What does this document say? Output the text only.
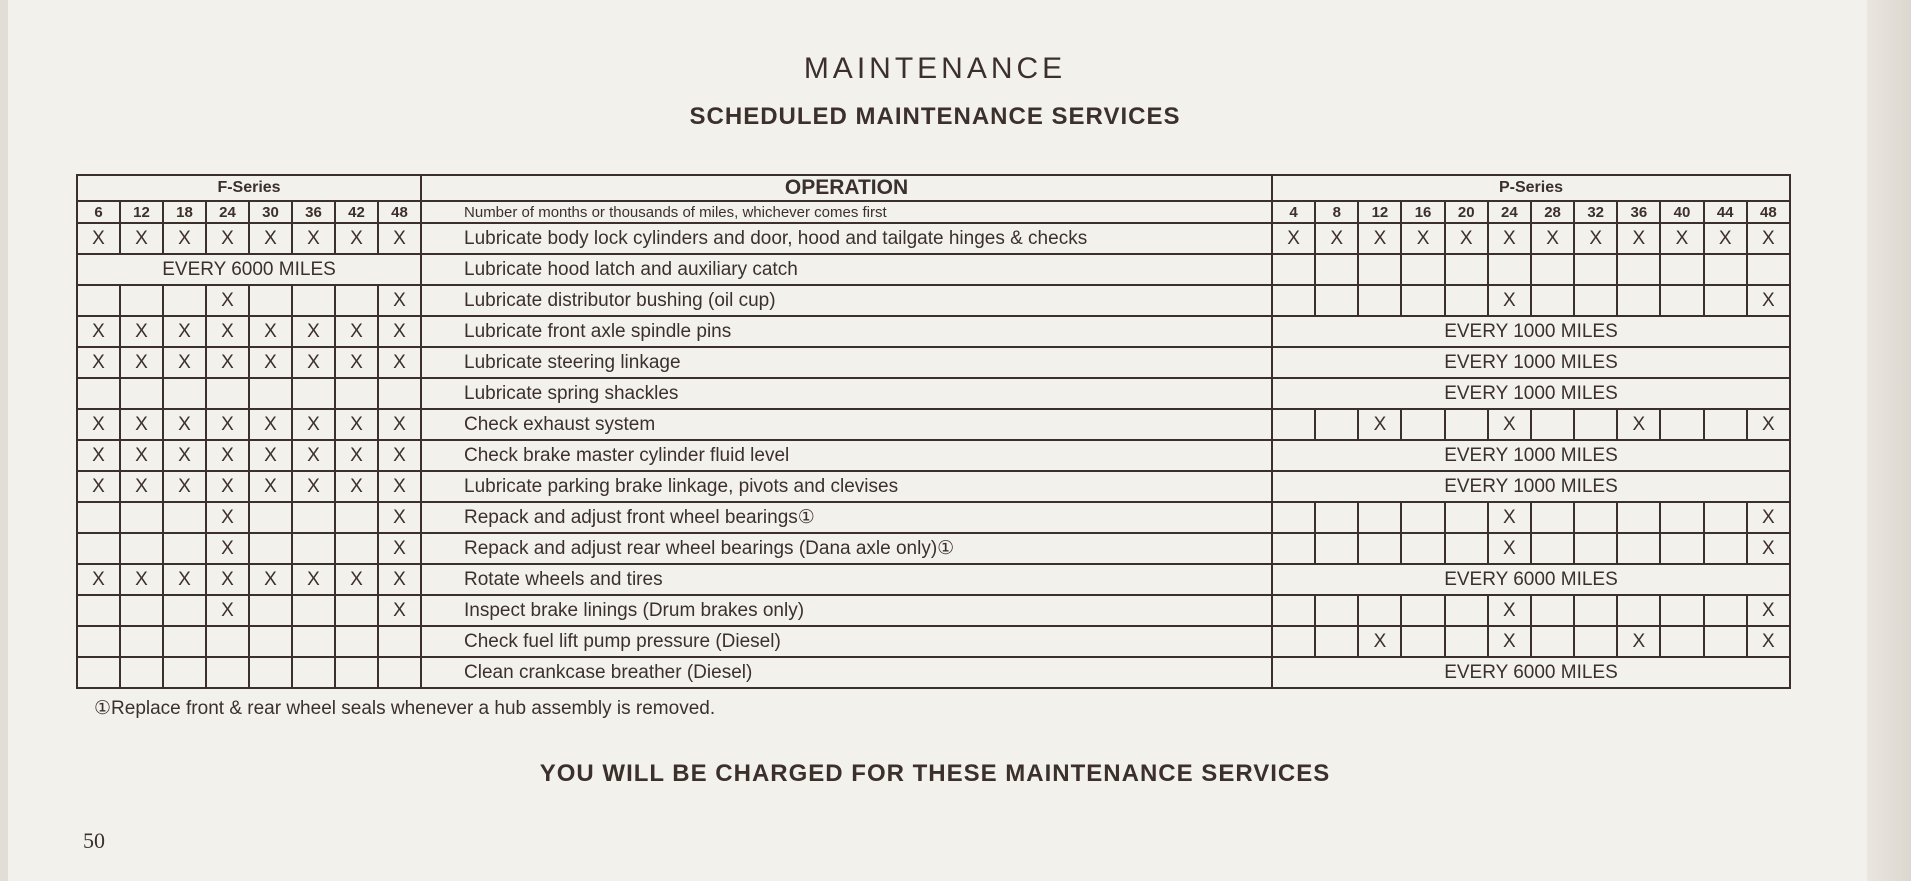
MAINTENANCE
SCHEDULED MAINTENANCE SERVICES
F-Series								OPERATION	P-Series											
6	12	18	24	30	36	42	48	Number of months or thousands of miles, whichever comes first	4	8	12	16	20	24	28	32	36	40	44	48
X	X	X	X	X	X	X	X	Lubricate body lock cylinders and door, hood and tailgate hinges & checks	X	X	X	X	X	X	X	X	X	X	X	X
EVERY 6000 MILES								Lubricate hood latch and auxiliary catch												
			X				X	Lubricate distributor bushing (oil cup)						X						X
X	X	X	X	X	X	X	X	Lubricate front axle spindle pins	EVERY 1000 MILES											
X	X	X	X	X	X	X	X	Lubricate steering linkage	EVERY 1000 MILES											
								Lubricate spring shackles	EVERY 1000 MILES											
X	X	X	X	X	X	X	X	Check exhaust system			X			X			X			X
X	X	X	X	X	X	X	X	Check brake master cylinder fluid level	EVERY 1000 MILES											
X	X	X	X	X	X	X	X	Lubricate parking brake linkage, pivots and clevises	EVERY 1000 MILES											
			X				X	Repack and adjust front wheel bearings①						X						X
			X				X	Repack and adjust rear wheel bearings (Dana axle only)①						X						X
X	X	X	X	X	X	X	X	Rotate wheels and tires	EVERY 6000 MILES											
			X				X	Inspect brake linings (Drum brakes only)						X						X
								Check fuel lift pump pressure (Diesel)			X			X			X			X
								Clean crankcase breather (Diesel)	EVERY 6000 MILES											
①Replace front & rear wheel seals whenever a hub assembly is removed.
YOU WILL BE CHARGED FOR THESE MAINTENANCE SERVICES
50
